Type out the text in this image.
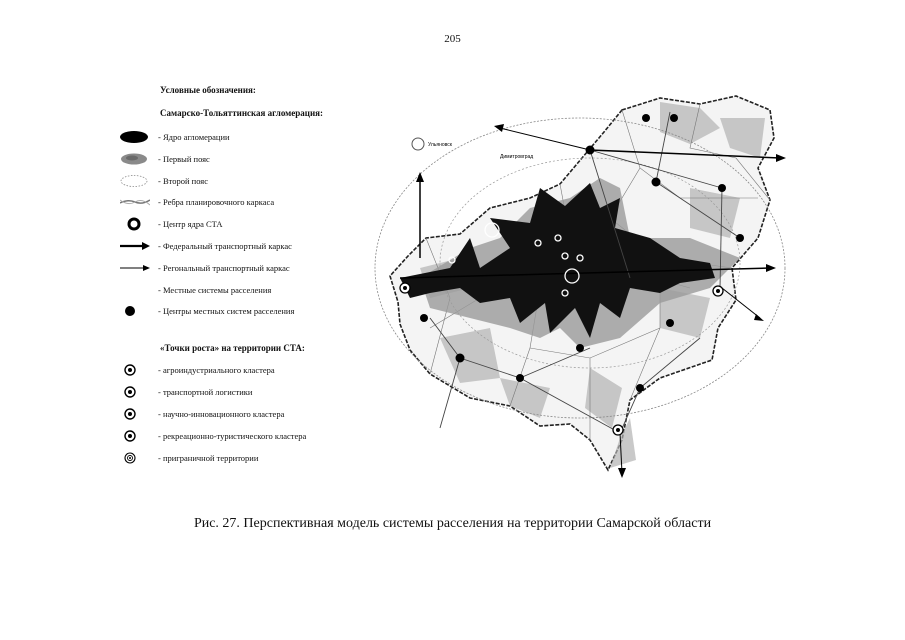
205
Условные обозначения:
Самарско-Тольяттинская агломерация:
- Ядро агломерации
- Первый пояс
- Второй пояс
- Ребра планировочного каркаса
- Центр ядра СТА
- Федеральный транспортный каркас
- Регональный транспортный каркас
- Местные системы расселения
- Центры местных систем расселения
«Точки роста» на территории СТА:
- агроиндустриального кластера
- транспортной логистики
- научно-инновационного кластера
- рекреационно-туристического кластера
- приграничной территории
Ульяновск
Димитровград
Рис. 27. Перспективная модель системы расселения на территории Самарской области
